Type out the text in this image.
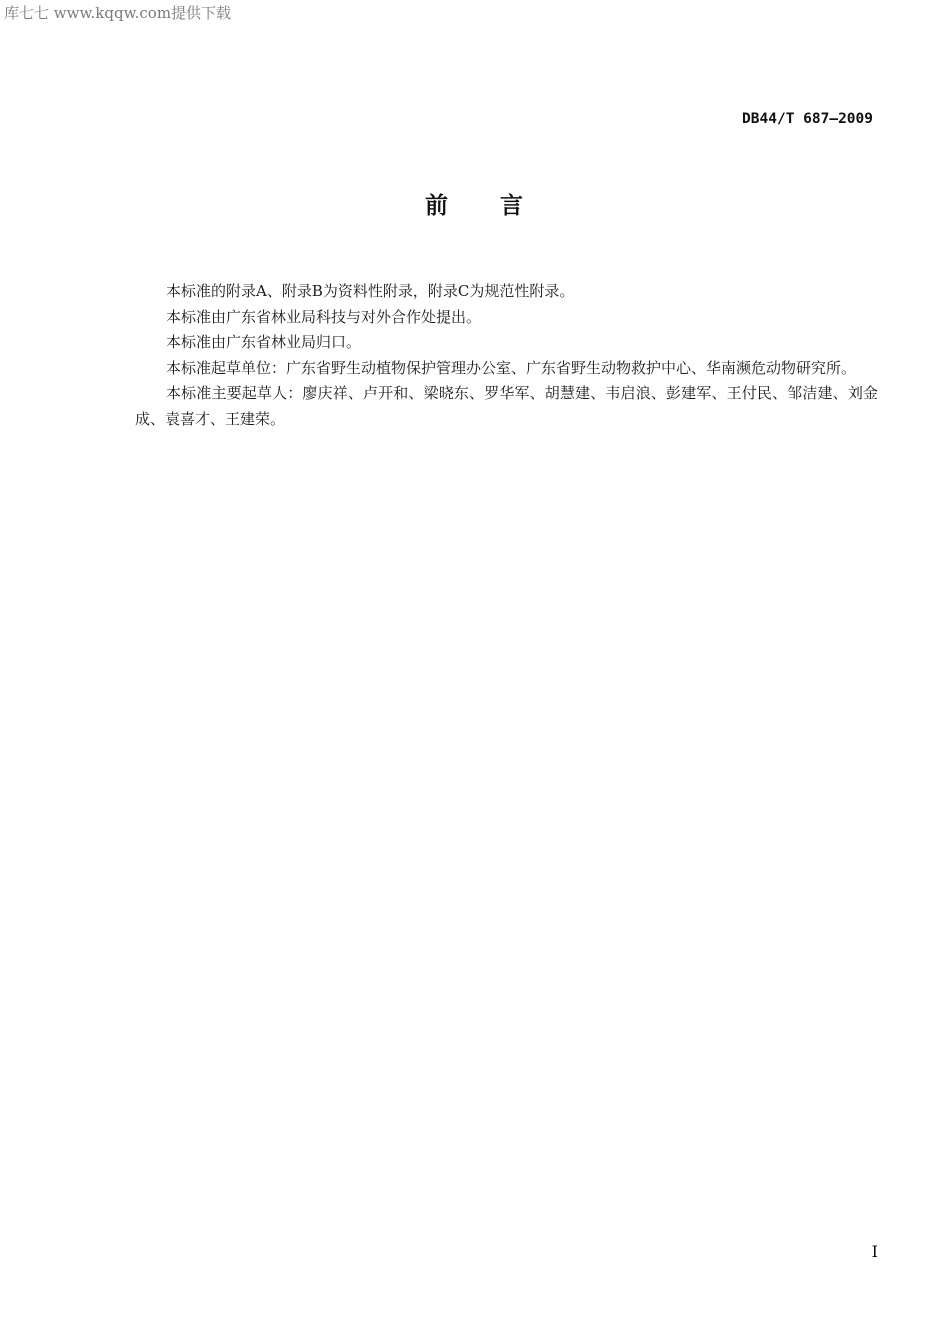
库七七 www.kqqw.com提供下载
DB44/T 687—2009
前言

本标准的附录A、附录B为资料性附录，附录C为规范性附录。

本标准由广东省林业局科技与对外合作处提出。

本标准由广东省林业局归口。

本标准起草单位：广东省野生动植物保护管理办公室、广东省野生动物救护中心、华南濒危动物研究所。

本标准主要起草人：廖庆祥、卢开和、梁晓东、罗华军、胡慧建、韦启浪、彭建军、王付民、邹洁建、刘金成、袁喜才、王建荣。

I
